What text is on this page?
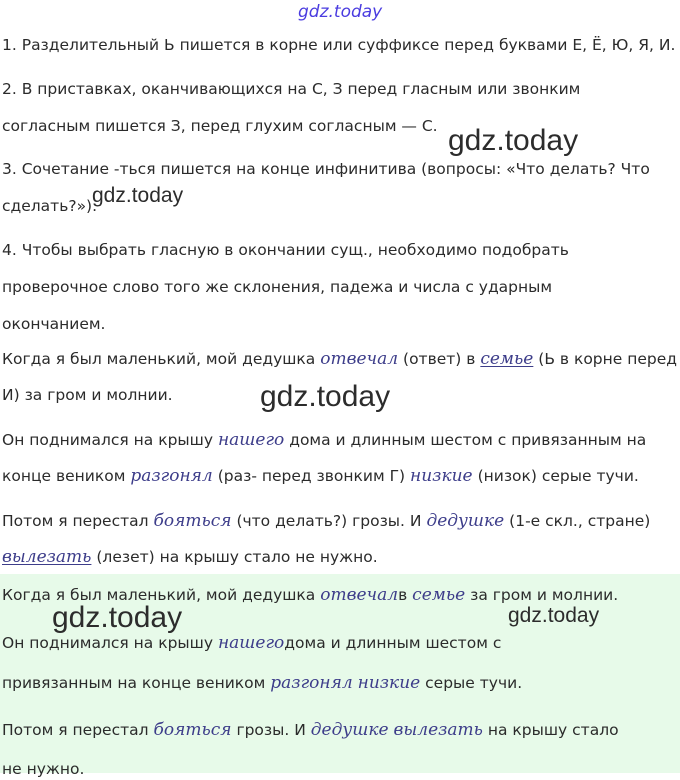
gdz.today
1. Разделительный Ь пишется в корне или суффиксе перед буквами Е, Ё, Ю, Я, И.
2. В приставках, оканчивающихся на С, З перед гласным или звонким
согласным пишется З, перед глухим согласным — С.
3. Сочетание -ться пишется на конце инфинитива (вопросы: «Что делать? Что
сделать?»).
4. Чтобы выбрать гласную в окончании сущ., необходимо подобрать
проверочное слово того же склонения, падежа и числа с ударным
окончанием.
gdz.today
gdz.today
Когда я был маленький, мой дедушка отвечал (ответ) в семье (Ь в корне перед
И) за гром и молнии.	gdz.today
Он поднимался на крышу нашего дома и длинным шестом с привязанным на
конце веником разгонял (раз- перед звонким Г) низкие (низок) серые тучи.
Потом я перестал бояться (что делать?) грозы. И дедушке (1-е скл., стране)
вылезать (лезет) на крышу стало не нужно.
Когда я был маленький, мой дедушка отвечалв семье за гром и молнии.
gdz.today	gdz.today
Он поднимался на крышу нашегодома и длинным шестом с
привязанным на конце веником разгонял низкие серые тучи.
Потом я перестал бояться грозы. И дедушке вылезать на крышу стало
не нужно.
